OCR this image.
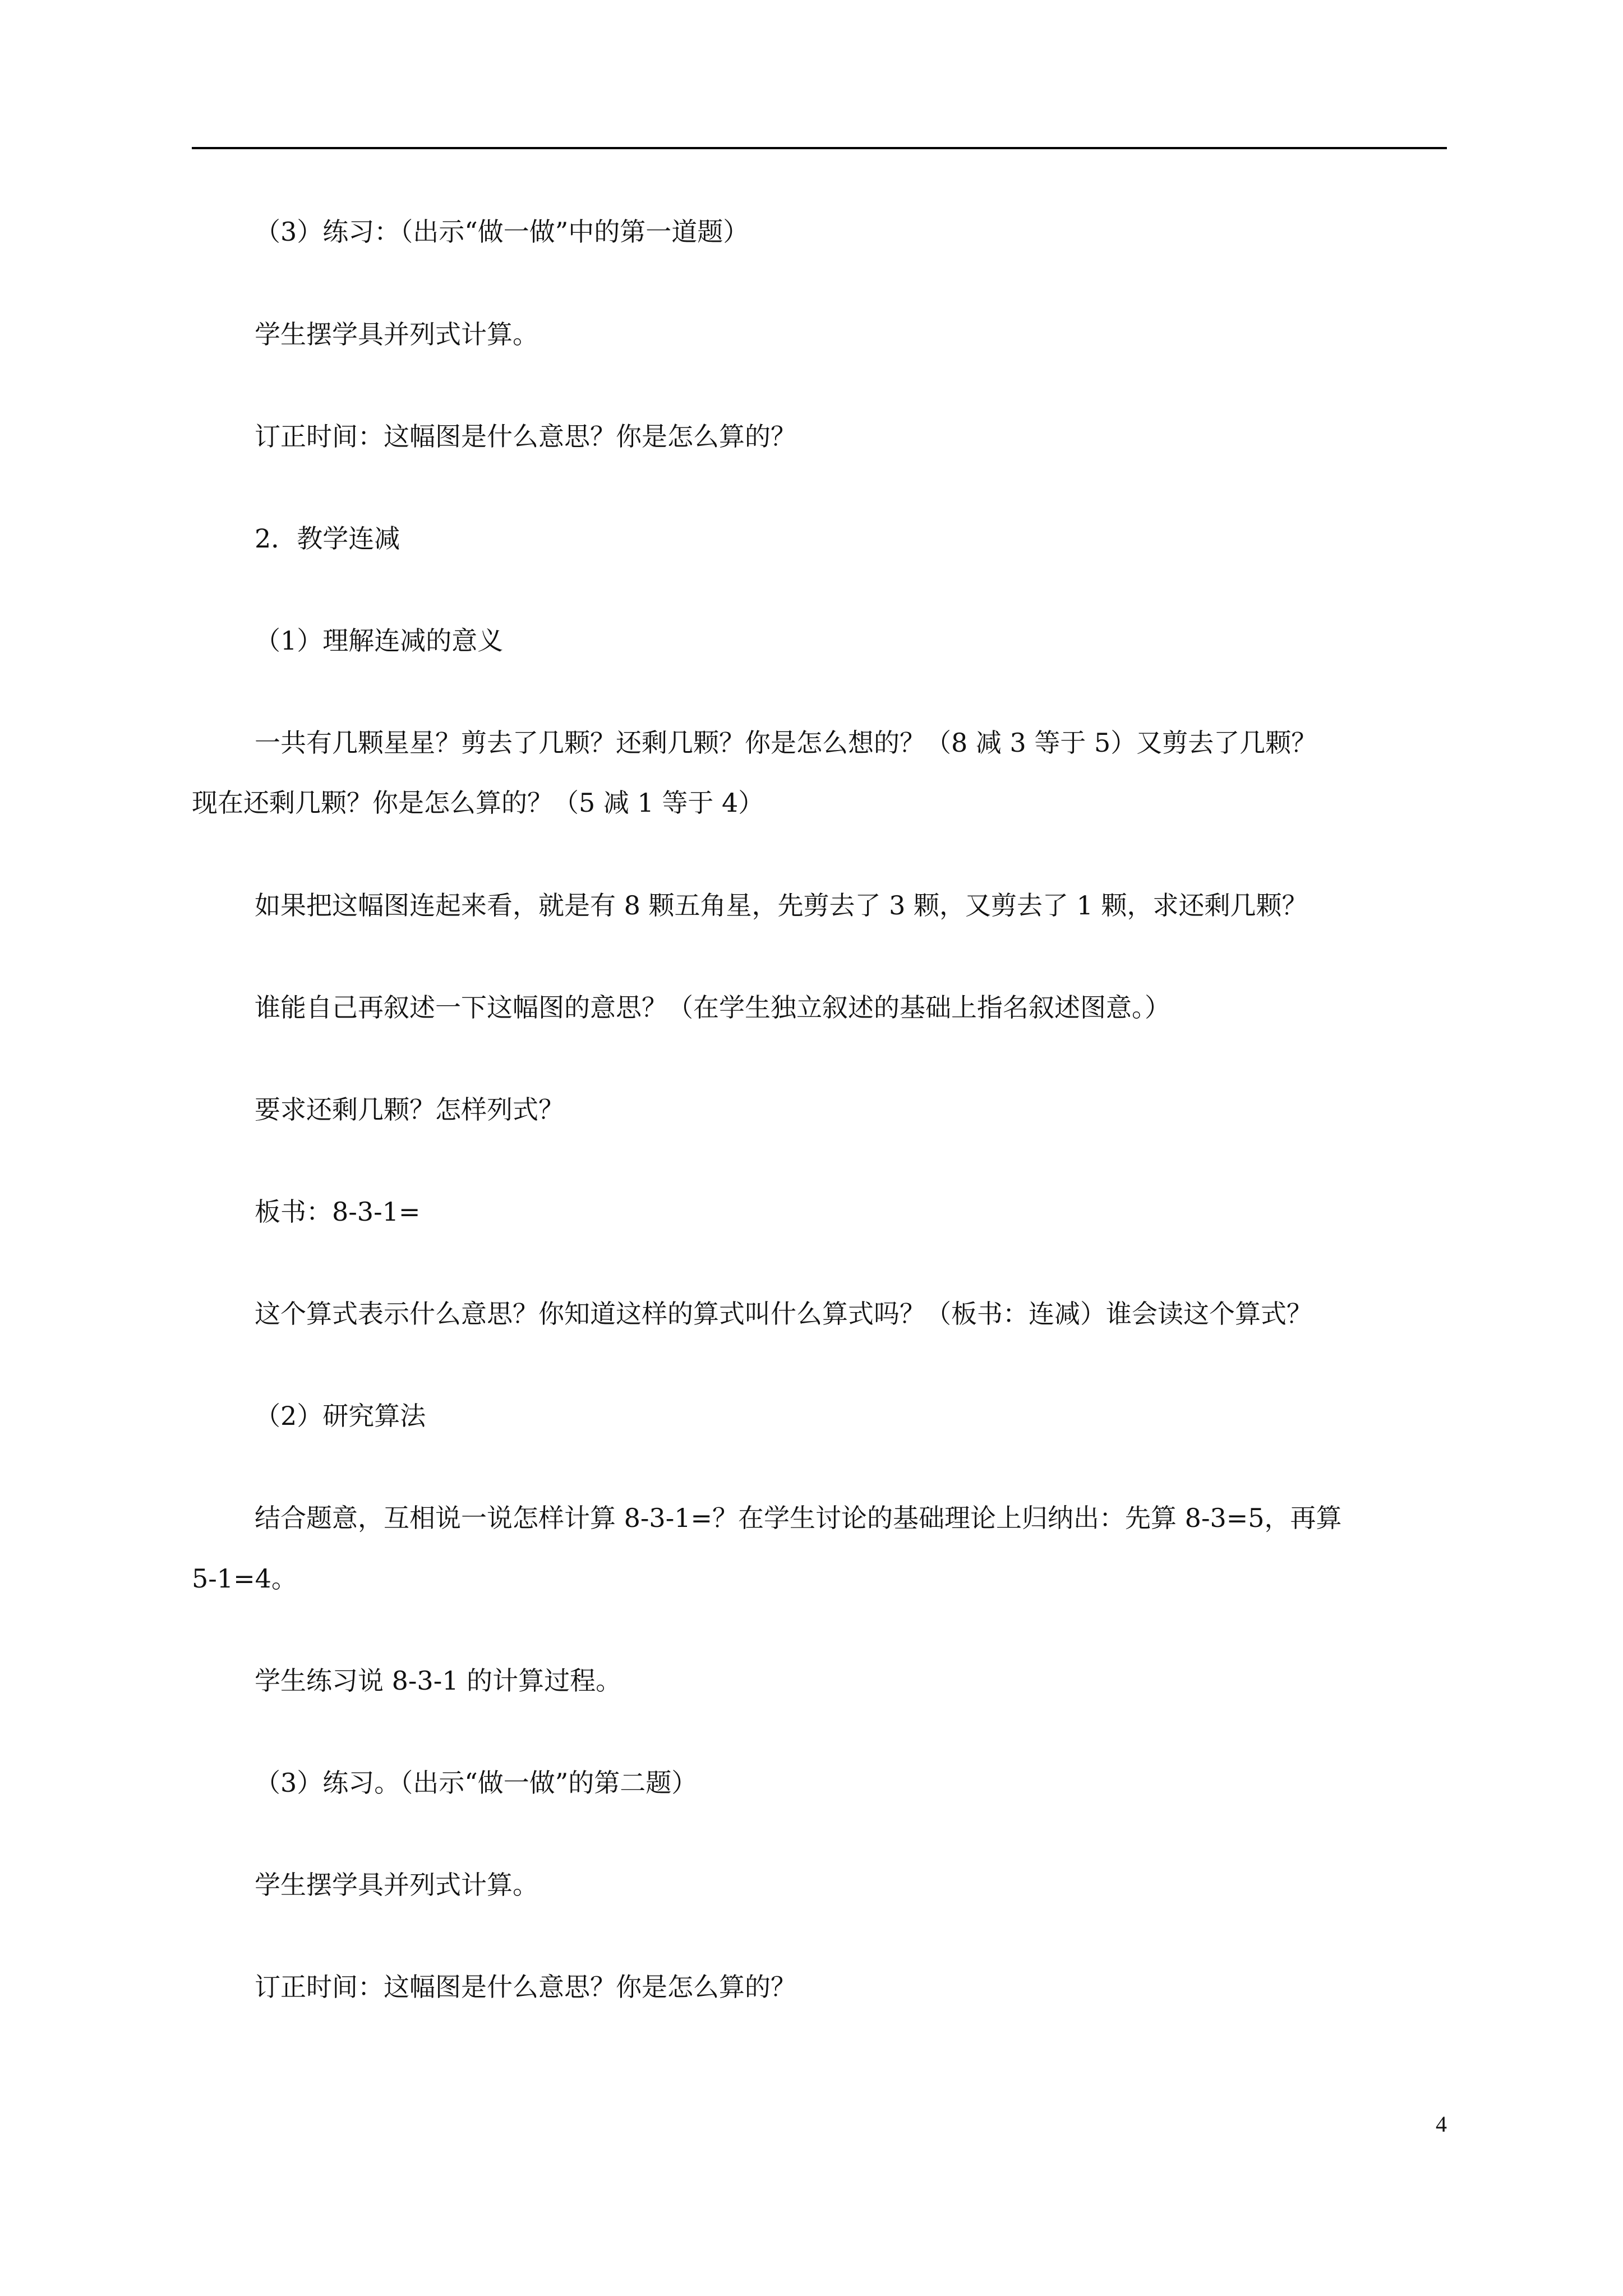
（3）练习：（出示“做一做”中的第一道题）

学生摆学具并列式计算。

订正时间：这幅图是什么意思？你是怎么算的？

2．教学连减

（1）理解连减的意义

一共有几颗星星？剪去了几颗？还剩几颗？你是怎么想的？（8 减 3 等于 5）又剪去了几颗？

现在还剩几颗？你是怎么算的？（5 减 1 等于 4）

如果把这幅图连起来看，就是有 8 颗五角星，先剪去了 3 颗，又剪去了 1 颗，求还剩几颗？

谁能自己再叙述一下这幅图的意思？（在学生独立叙述的基础上指名叙述图意。）

要求还剩几颗？怎样列式？

板书：8-3-1=

这个算式表示什么意思？你知道这样的算式叫什么算式吗？（板书：连减）谁会读这个算式？

（2）研究算法

结合题意，互相说一说怎样计算 8-3-1=？在学生讨论的基础理论上归纳出：先算 8-3=5，再算

5-1=4。

学生练习说 8-3-1 的计算过程。

（3）练习。（出示“做一做”的第二题）

学生摆学具并列式计算。

订正时间：这幅图是什么意思？你是怎么算的？

4
